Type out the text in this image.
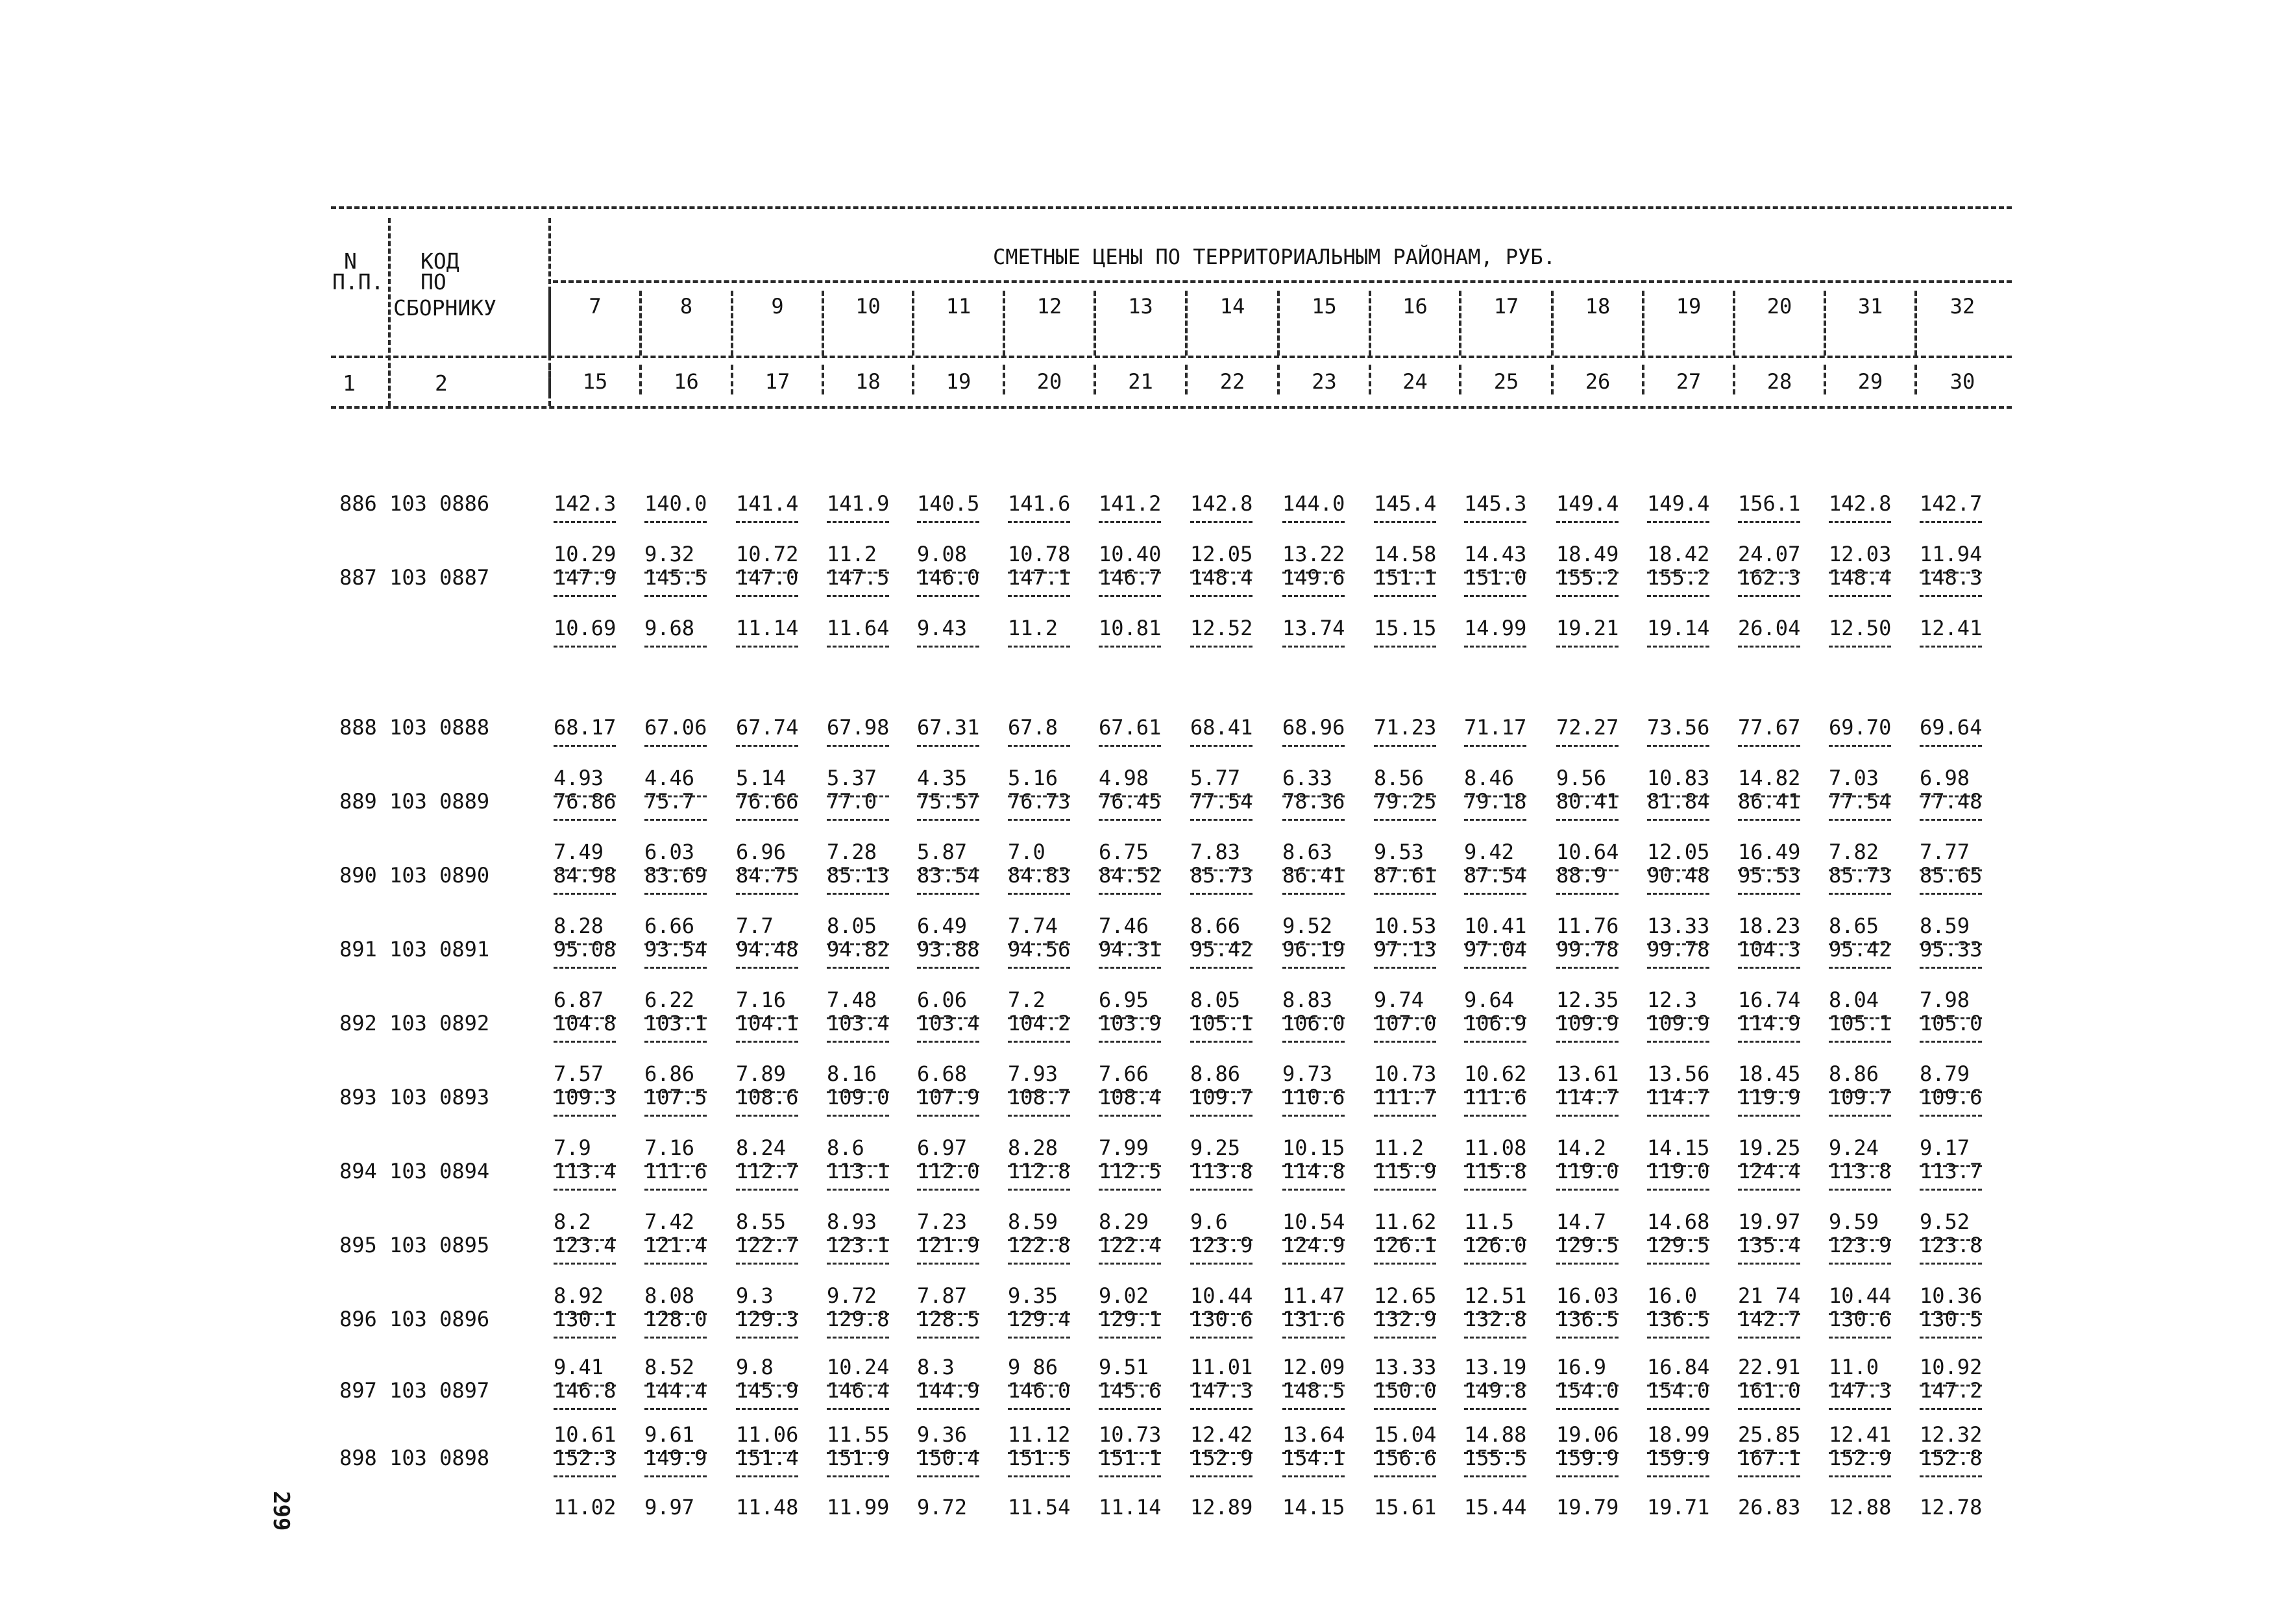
N
П.П.
КОД
ПО
СБОРНИКУ
СМЕТНЫЕ ЦЕНЫ ПО ТЕРРИТОРИАЛЬНЫМ РАЙОНАМ, РУБ.
1	2
7	8	9	10	11	12	13	14	15	16	17	18	19	20	31	32
15	16	17	18	19	20	21	22	23	24	25	26	27	28	29	30
886 103 0886	142.3 140.0 141.4 141.9 140.5 141.6 141.2 142.8 144.0 145.4 145.3 149.4 149.4 156.1 142.8 142.7
10.29 9.32 10.72 11.2 9.08 10.78 10.40 12.05 13.22 14.58 14.43 18.49 18.42 24.07 12.03 11.94
887 103 0887	147.9 145.5 147.0 147.5 146.0 147.1 146.7 148.4 149.6 151.1 151.0 155.2 155.2 162.3 148.4 148.3
10.69 9.68 11.14 11.64 9.43 11.2 10.81 12.52 13.74 15.15 14.99 19.21 19.14 26.04 12.50 12.41
888 103 0888	68.17 67.06 67.74 67.98 67.31 67.8 67.61 68.41 68.96 71.23 71.17 72.27 73.56 77.67 69.70 69.64
4.93 4.46 5.14 5.37 4.35 5.16 4.98 5.77 6.33 8.56 8.46 9.56 10.83 14.82 7.03 6.98
889 103 0889	76.86 75.7 76.66 77.0 75.57 76.73 76.45 77.54 78.36 79.25 79.18 80.41 81.84 86.41 77.54 77.48
7.49 6.03 6.96 7.28 5.87 7.0	6.75 7.83 8.63 9.53 9.42 10.64 12.05 16.49 7.82 7.77
890 103 0890	84.98 83.69 84.75 85.13 83.54 84.83 84.52 85.73 86.41 87.61 87.54 88.9 90.48 95.53 85.73 85.65
8.28 6.66 7.7	8.05 6.49 7.74 7.46 8.66 9.52 10.53 10.41 11.76 13.33 18.23 8.65 8.59
891 103 0891	95.08 93.54 94.48 94.82 93.88 94.56 94.31 95.42 96.19 97.13 97.04 99.78 99.78 104.3 95.42 95.33
6.87 6.22 7.16 7.48 6.06 7.2	6.95 8.05 8.83 9.74 9.64 12.35 12.3 16.74 8.04 7.98
892 103 0892	104.8 103.1 104.1 103.4 103.4 104.2 103.9 105.1 106.0 107.0 106.9 109.9 109.9 114.9 105.1 105.0
7.57 6.86 7.89 8.16 6.68 7.93 7.66 8.86 9.73 10.73 10.62 13.61 13.56 18.45 8.86 8.79
893 103 0893	109.3 107.5 108.6 109.0 107.9 108.7 108.4 109.7 110.6 111.7 111.6 114.7 114.7 119.9 109.7 109.6
7.9	7.16 8.24 8.6	6.97 8.28 7.99 9.25 10.15 11.2 11.08 14.2 14.15 19.25 9.24 9.17
894 103 0894	113.4 111.6 112.7 113.1 112.0 112.8 112.5 113.8 114.8 115.9 115.8 119.0 119.0 124.4 113.8 113.7
8.2	7.42 8.55 8.93 7.23 8.59 8.29 9.6	10.54 11.62 11.5 14.7 14.68 19.97 9.59 9.52
895 103 0895	123.4 121.4 122.7 123.1 121.9 122.8 122.4 123.9 124.9 126.1 126.0 129.5 129.5 135.4 123.9 123.8
8.92 8.08 9.3	9.72 7.87 9.35 9.02 10.44 11.47 12.65 12.51 16.03 16.0 21 74 10.44 10.36
896 103 0896	130.1 128.0 129.3 129.8 128.5 129.4 129.1 130.6 131.6 132.9 132.8 136.5 136.5 142.7 130.6 130.5
9.41 8.52 9.8	10.24 8.3	9 86 9.51 11.01 12.09 13.33 13.19 16.9 16.84 22.91 11.0 10.92
897 103 0897	146.8 144.4 145.9 146.4 144.9 146.0 145.6 147.3 148.5 150.0 149.8 154.0 154.0 161.0 147.3 147.2
10.61 9.61 11.06 11.55 9.36 11.12 10.73 12.42 13.64 15.04 14.88 19.06 18.99 25.85 12.41 12.32
898 103 0898	152.3 149.9 151.4 151.9 150.4 151.5 151.1 152.9 154.1 156.6 155.5 159.9 159.9 167.1 152.9 152.8
11.02 9.97 11.48 11.99 9.72 11.54 11.14 12.89 14.15 15.61 15.44 19.79 19.71 26.83 12.88 12.78
299
